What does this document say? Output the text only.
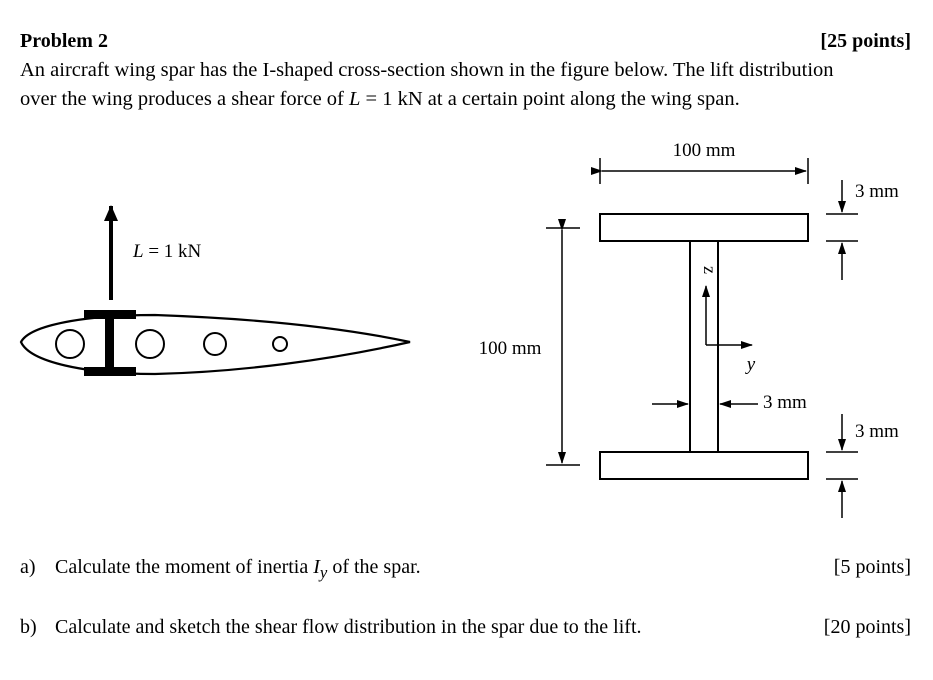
Problem 2	[25 points]
An aircraft wing spar has the I-shaped cross-section shown in the figure below. The lift distribution
over the wing produces a shear force of L = 1 kN at a certain point along the wing span.
L = 1 kN
100 mm
100 mm
3 mm
3 mm
3 mm
z
y
a) Calculate the moment of inertia $I_y$ of the spar.	[5 points]
b) Calculate and sketch the shear flow distribution in the spar due to the lift.	[20 points]
